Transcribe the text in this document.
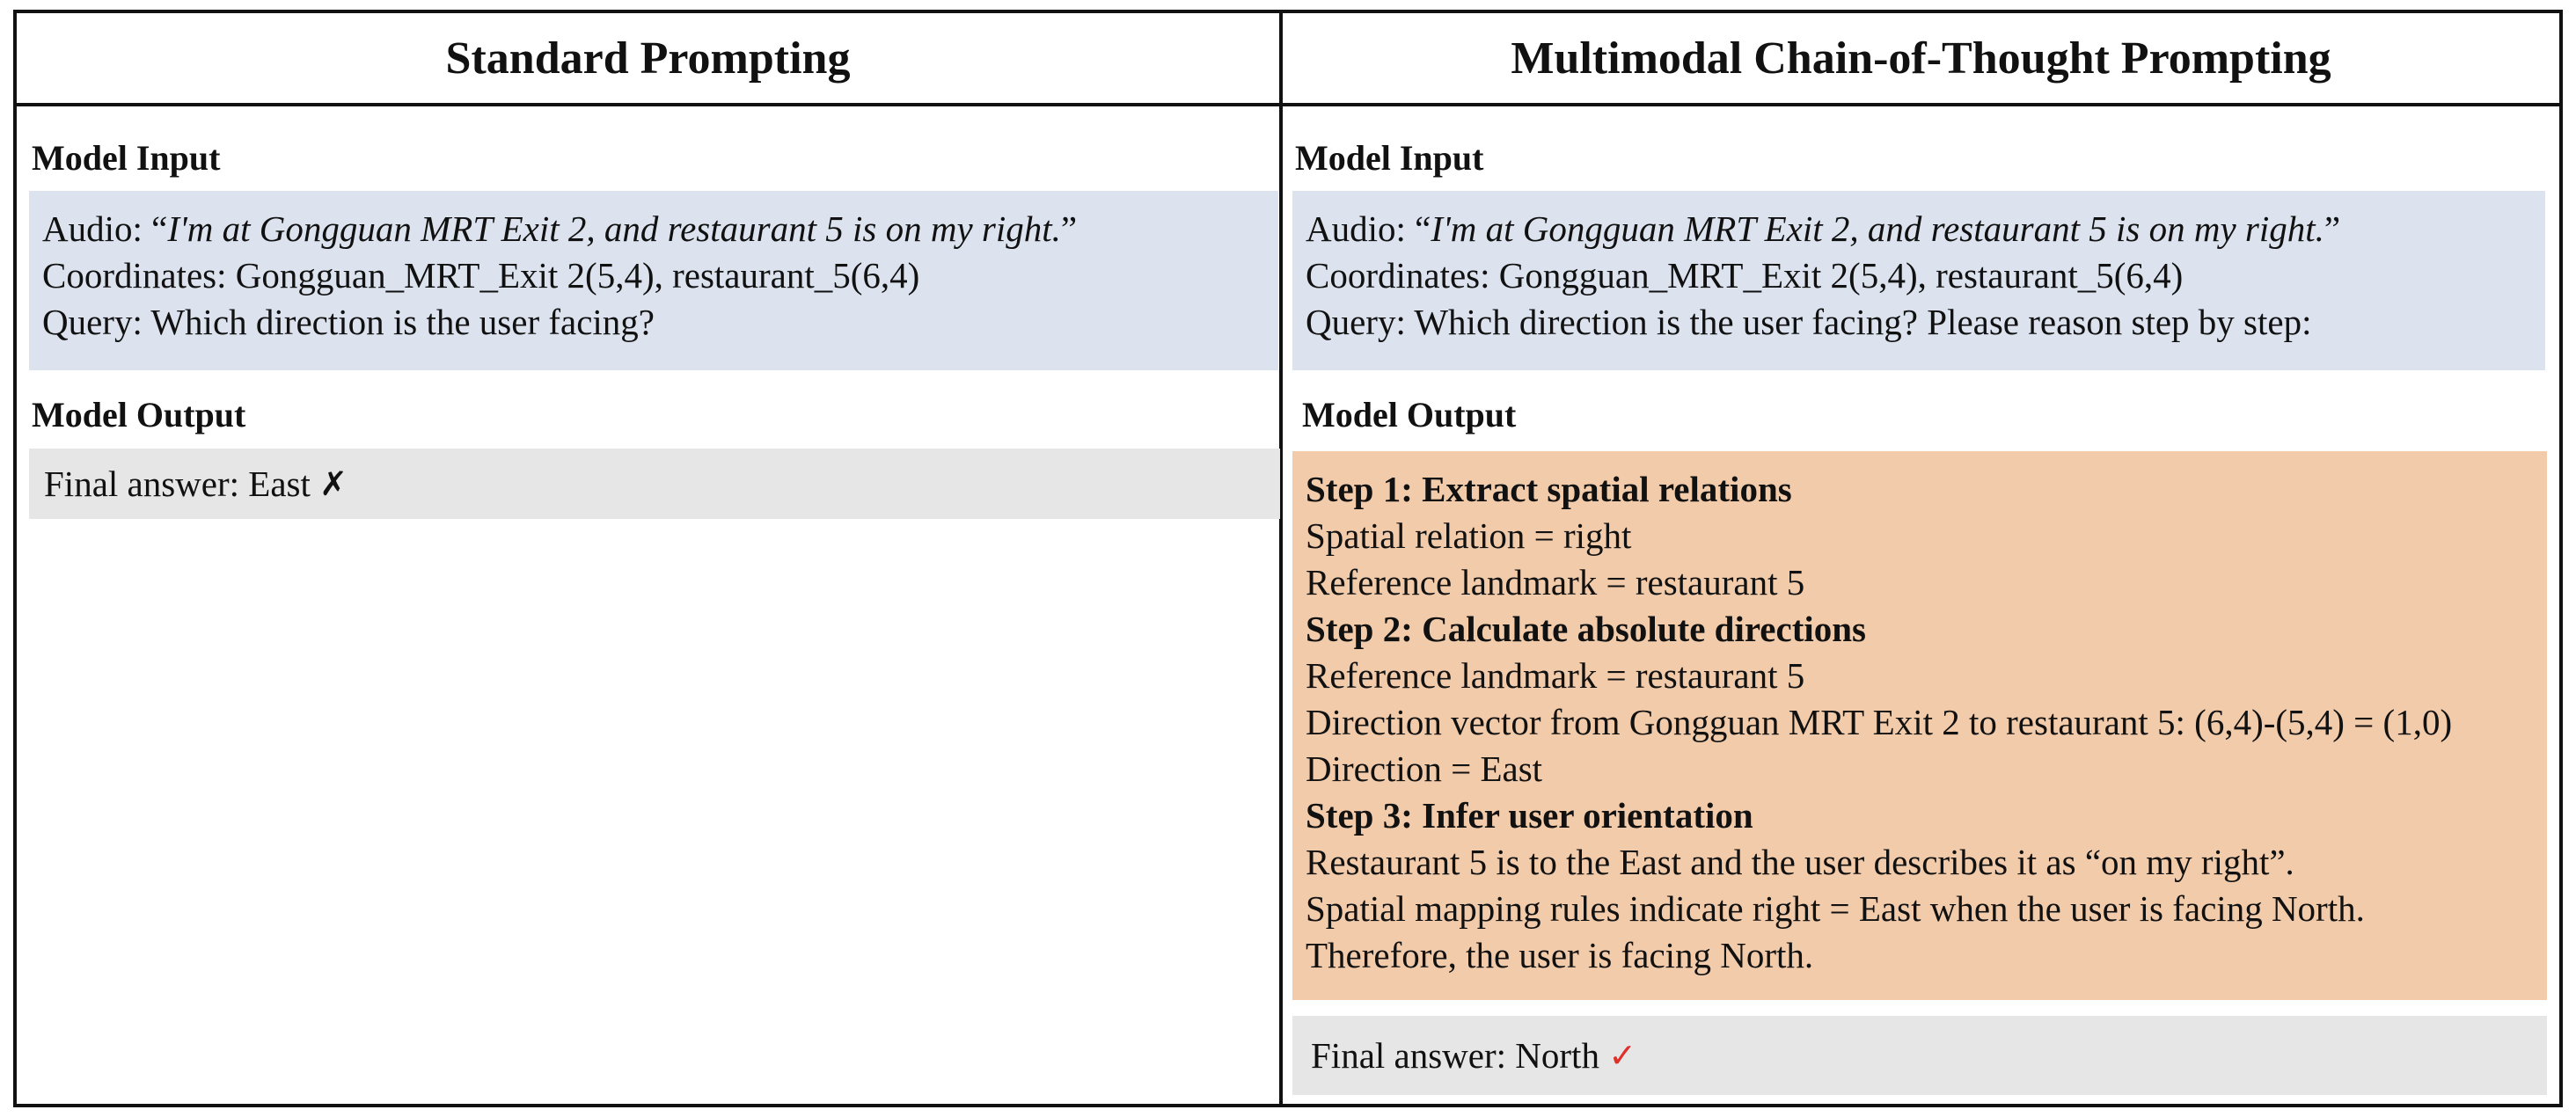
Standard Prompting
Model Input
Audio: “I'm at Gongguan MRT Exit 2, and restaurant 5 is on my right.”
Coordinates: Gongguan_MRT_Exit 2(5,4), restaurant_5(6,4)
Query: Which direction is the user facing?
Model Output
Final answer: East
✗
Multimodal Chain-of-Thought Prompting
Model Input
Audio: “I'm at Gongguan MRT Exit 2, and restaurant 5 is on my right.”
Coordinates: Gongguan_MRT_Exit 2(5,4), restaurant_5(6,4)
Query: Which direction is the user facing? Please reason step by step:
Model Output
Step 1: Extract spatial relations
Spatial relation = right
Reference landmark = restaurant 5
Step 2: Calculate absolute directions
Reference landmark = restaurant 5
Direction vector from Gongguan MRT Exit 2 to restaurant 5: (6,4)-(5,4) = (1,0)
Direction = East
Step 3: Infer user orientation
Restaurant 5 is to the East and the user describes it as “on my right”.
Spatial mapping rules indicate right = East when the user is facing North.
Therefore, the user is facing North.
Final answer: North
✓
